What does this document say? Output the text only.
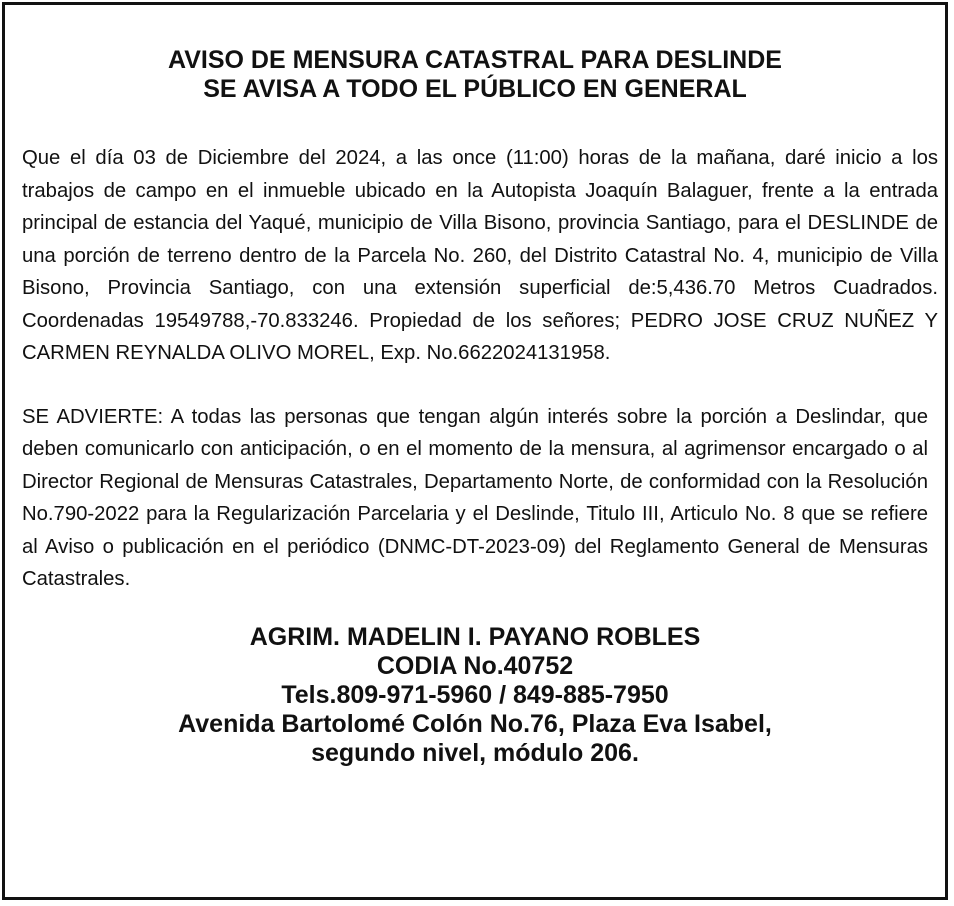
AVISO DE MENSURA CATASTRAL PARA DESLINDE
SE AVISA A TODO EL PÚBLICO EN GENERAL

Que el día 03 de Diciembre del 2024, a las once (11:00) horas de la mañana, daré inicio a los trabajos de campo en el inmueble ubicado en la Autopista Joaquín Balaguer, frente a la entrada principal de estancia del Yaqué, municipio de Villa Bisono, provincia Santiago, para el DESLINDE de una porción de terreno dentro de la Parcela No. 260, del Distrito Catastral No. 4, municipio de Villa Bisono, Provincia Santiago, con una extensión superficial de:5,436.70 Metros Cuadrados. Coordenadas 19549788,-70.833246. Propiedad de los señores; PEDRO JOSE CRUZ NUÑEZ Y CARMEN REYNALDA OLIVO MOREL, Exp. No.6622024131958.

SE ADVIERTE: A todas las personas que tengan algún interés sobre la porción a Deslindar, que deben comunicarlo con anticipación, o en el momento de la mensura, al agrimensor encargado o al Director Regional de Mensuras Catastrales, Departamento Norte, de conformidad con la Resolución No.790-2022 para la Regularización Parcelaria y el Deslinde, Titulo III, Articulo No. 8 que se refiere al Aviso o publicación en el periódico (DNMC-DT-2023-09) del Reglamento General de Mensuras Catastrales.

AGRIM. MADELIN I. PAYANO ROBLES
CODIA No.40752
Tels.809-971-5960 / 849-885-7950
Avenida Bartolomé Colón No.76, Plaza Eva Isabel,
segundo nivel, módulo 206.
